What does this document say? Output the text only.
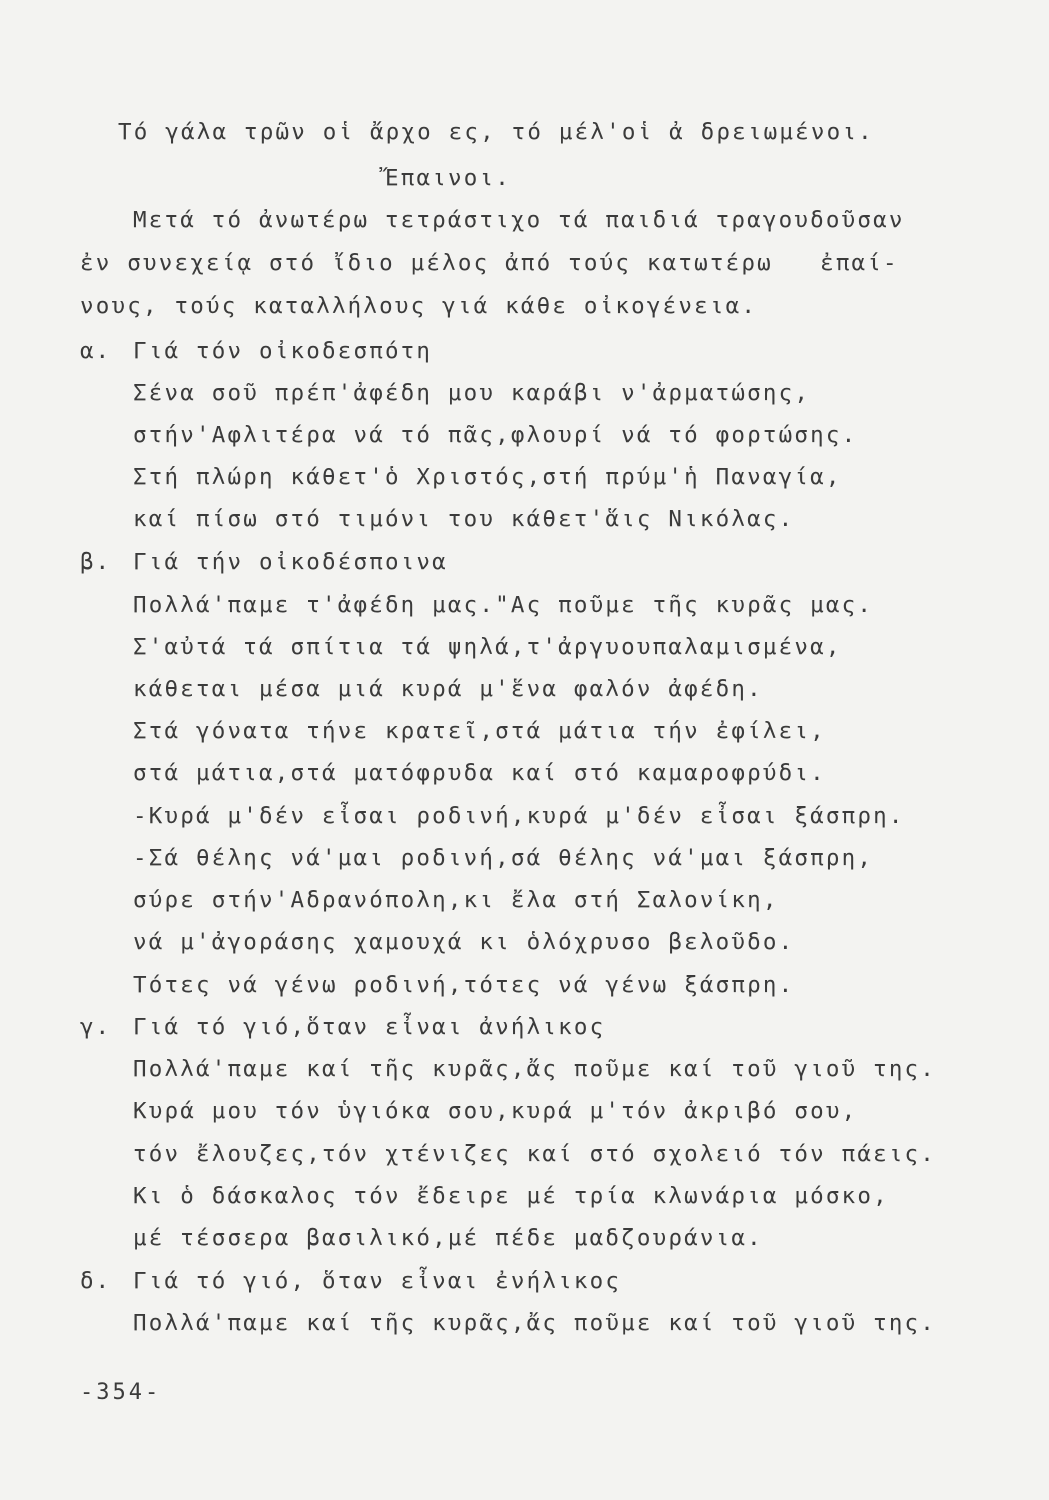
Τό γάλα τρῶν οἱ ἄρχο ες, τό μέλ'οἱ ἀ δρειωμένοι.
Ἔπαινοι.
Μετά τό ἀνωτέρω τετράστιχο τά παιδιά τραγουδοῦσαν
ἐν συνεχείᾳ στό ἴδιο μέλος ἀπό τούς κατωτέρω   ἐπαί-
νους, τούς καταλλήλους γιά κάθε οἰκογένεια.
α. Γιά τόν οἰκοδεσπότη
Σένα σοῦ πρέπ'ἀφέδη μου καράβι ν'ἀρματώσης,
στήν'Αφλιτέρα νά τό πᾶς,φλουρί νά τό φορτώσης.
Στή πλώρη κάθετ'ὁ Χριστός,στή πρύμ'ἡ Παναγία,
καί πίσω στό τιμόνι του κάθετ'ἅις Νικόλας.
β. Γιά τήν οἰκοδέσποινα
Πολλά'παμε τ'ἀφέδη μας."Ας ποῦμε τῆς κυρᾶς μας.
Σ'αὐτά τά σπίτια τά ψηλά,τ'ἀργυουπαλαμισμένα,
κάθεται μέσα μιά κυρά μ'ἕνα φαλόν ἀφέδη.
Στά γόνατα τήνε κρατεῖ,στά μάτια τήν ἐφίλει,
στά μάτια,στά ματόφρυδα καί στό καμαροφρύδι.
-Κυρά μ'δέν εἶσαι ροδινή,κυρά μ'δέν εἶσαι ξάσπρη.
-Σά θέλης νά'μαι ροδινή,σά θέλης νά'μαι ξάσπρη,
σύρε στήν'Αδρανόπολη,κι ἔλα στή Σαλονίκη,
νά μ'ἀγοράσης χαμουχά κι ὁλόχρυσο βελοῦδο.
Τότες νά γένω ροδινή,τότες νά γένω ξάσπρη.
γ. Γιά τό γιό,ὅταν εἶναι ἀνήλικος
Πολλά'παμε καί τῆς κυρᾶς,ἄς ποῦμε καί τοῦ γιοῦ της.
Κυρά μου τόν ὑγιόκα σου,κυρά μ'τόν ἀκριβό σου,
τόν ἔλουζες,τόν χτένιζες καί στό σχολειό τόν πάεις.
Κι ὁ δάσκαλος τόν ἔδειρε μέ τρία κλωνάρια μόσκο,
μέ τέσσερα βασιλικό,μέ πέδε μαδζουράνια.
δ. Γιά τό γιό, ὅταν εἶναι ἐνήλικος
Πολλά'παμε καί τῆς κυρᾶς,ἄς ποῦμε καί τοῦ γιοῦ της.
-354-
